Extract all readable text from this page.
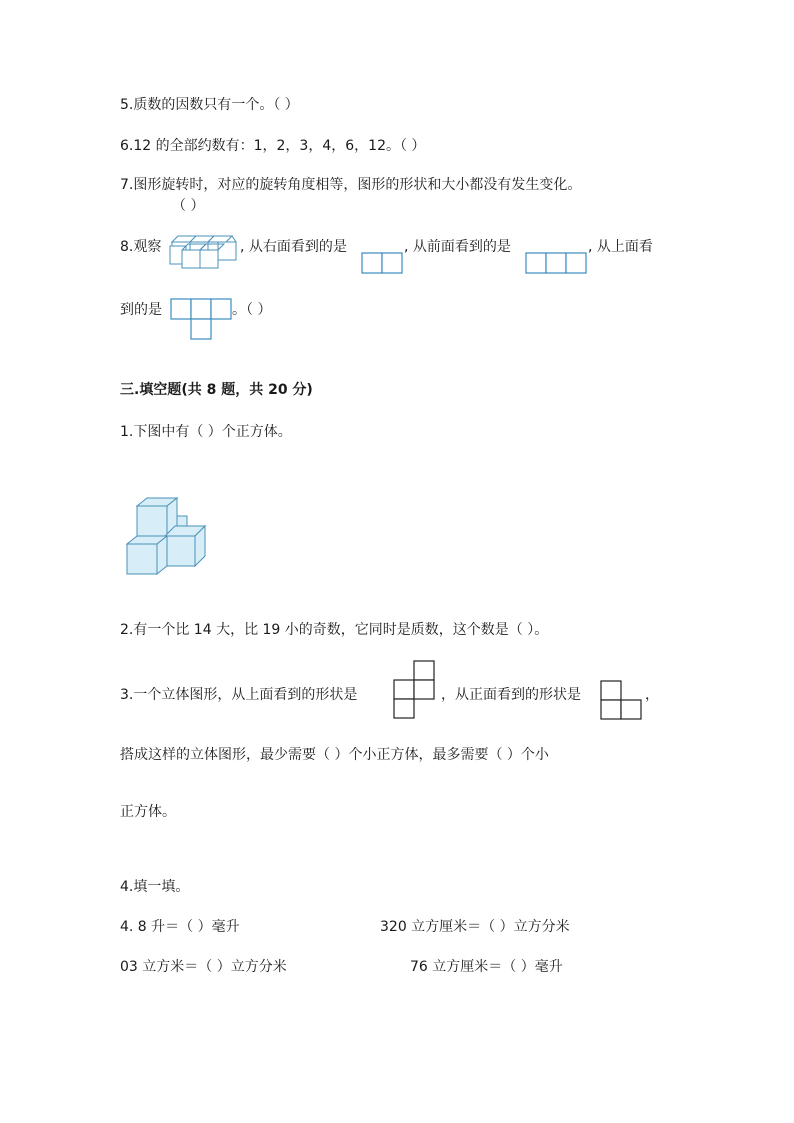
5.质数的因数只有一个。（ ）
6.12 的全部约数有：1，2，3，4，6，12。（ ）
7.图形旋转时，对应的旋转角度相等，图形的形状和大小都没有发生变化。
（ ）
8.观察	, 从右面看到的是	, 从前面看到的是	, 从上面看
到的是	。（ ）
三.填空题(共 8 题，共 20 分)
1.下图中有（ ）个正方体。
2.有一个比 14 大，比 19 小的奇数，它同时是质数，这个数是（ ）。
3.一个立体图形，从上面看到的形状是	，从正面看到的形状是	，
搭成这样的立体图形，最少需要（ ）个小正方体，最多需要（ ）个小
正方体。
4.填一填。
4. 8 升＝（ ）毫升	320 立方厘米＝（ ）立方分米
03 立方米＝（ ）立方分米	76 立方厘米＝（ ）毫升
